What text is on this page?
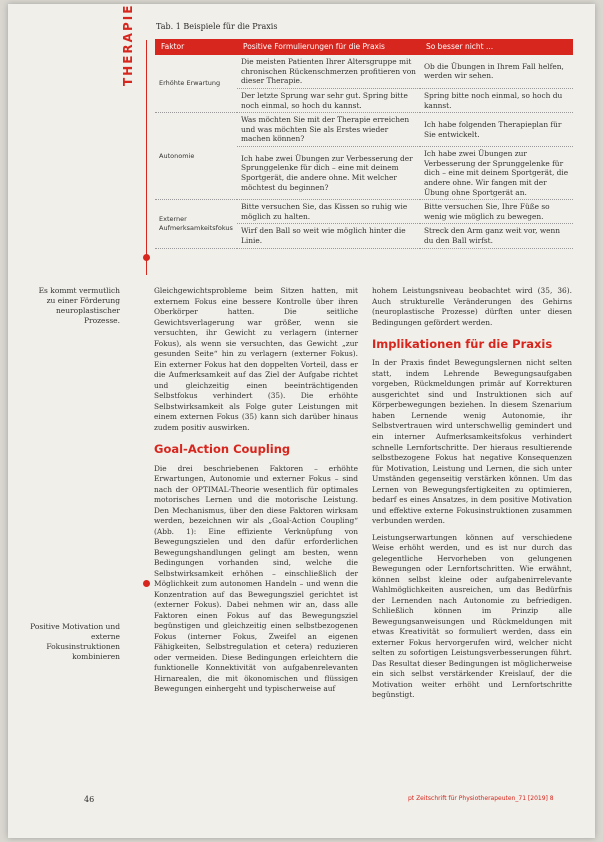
THERAPIE	Tab. 1 Beispiele für die Praxis
Faktor	Positive Formulierungen für die Praxis	So besser nicht ...
Erhöhte Erwartung	Die meisten Patienten Ihrer Altersgruppe mit chronischen Rückenschmerzen profitieren von dieser Therapie.	Ob die Übungen in Ihrem Fall helfen, werden wir sehen.
	Der letzte Sprung war sehr gut. Spring bitte noch einmal, so hoch du kannst.	Spring bitte noch einmal, so hoch du kannst.
Autonomie	Was möchten Sie mit der Therapie erreichen und was möchten Sie als Erstes wieder machen können?	Ich habe folgenden Therapieplan für Sie entwickelt.
	Ich habe zwei Übungen zur Verbesserung der Sprunggelenke für dich – eine mit deinem Sportgerät, die andere ohne. Mit welcher möchtest du beginnen?	Ich habe zwei Übungen zur Verbesserung der Sprunggelenke für dich – eine mit deinem Sportgerät, die andere ohne. Wir fangen mit der Übung ohne Sportgerät an.
Externer Aufmerksamkeitsfokus	Bitte versuchen Sie, das Kissen so ruhig wie möglich zu halten.	Bitte versuchen Sie, Ihre Füße so wenig wie möglich zu bewegen.
	Wirf den Ball so weit wie möglich hinter die Linie.	Streck den Arm ganz weit vor, wenn du den Ball wirfst.
Es kommt vermutlich zu einer Förderung neuroplastischer Prozesse.
Positive Motivation und externe Fokusinstruktionen kombinieren

Gleichgewichtsprobleme beim Sitzen hatten, mit externem Fokus eine bessere Kontrolle über ihren Oberkörper hatten. Die seitliche Gewichtsverlagerung war größer, wenn sie versuchten, ihr Gewicht zu verlagern (interner Fokus), als wenn sie versuchten, das Gewicht „zur gesunden Seite“ hin zu verlagern (externer Fokus). Ein externer Fokus hat den doppelten Vorteil, dass er die Aufmerksamkeit auf das Ziel der Aufgabe richtet und gleichzeitig einen beeinträchtigenden Selbstfokus verhindert (35). Die erhöhte Selbstwirksamkeit als Folge guter Leistungen mit einem externen Fokus (35) kann sich darüber hinaus zudem positiv auswirken.

Goal-Action Coupling

Die drei beschriebenen Faktoren – erhöhte Erwartungen, Autonomie und externer Fokus – sind nach der OPTIMAL-Theorie wesentlich für optimales motorisches Lernen und die motorische Leistung. Den Mechanismus, über den diese Faktoren wirksam werden, bezeichnen wir als „Goal-Action Coupling“ (Abb. 1): Eine effiziente Verknüpfung von Bewegungszielen und den dafür erforderlichen Bewegungshandlungen gelingt am besten, wenn Bedingungen vorhanden sind, welche die Selbstwirksamkeit erhöhen – einschließlich der Möglichkeit zum autonomen Handeln – und wenn die Konzentration auf das Bewegungsziel gerichtet ist (externer Fokus). Dabei nehmen wir an, dass alle Faktoren einen Fokus auf das Bewegungsziel begünstigen und gleichzeitig einen selbstbezogenen Fokus (interner Fokus, Zweifel an eigenen Fähigkeiten, Selbstregulation et cetera) reduzieren oder vermeiden. Diese Bedingungen erleichtern die funktionelle Konnektivität von aufgabenrelevanten Hirnarealen, die mit ökonomischen und flüssigen Bewegungen einhergeht und typischerweise auf

hohem Leistungsniveau beobachtet wird (35, 36). Auch strukturelle Veränderungen des Gehirns (neuroplastische Prozesse) dürften unter diesen Bedingungen gefördert werden.

Implikationen für die Praxis

In der Praxis findet Bewegungslernen nicht selten statt, indem Lehrende Bewegungsaufgaben vorgeben, Rückmeldungen primär auf Korrekturen ausgerichtet sind und Instruktionen sich auf Körperbewegungen beziehen. In diesem Szenarium haben Lernende wenig Autonomie, ihr Selbstvertrauen wird unterschwellig gemindert und ein interner Aufmerksamkeitsfokus verhindert schnelle Lernfortschritte. Der hieraus resultierende selbstbezogene Fokus hat negative Konsequenzen für Motivation, Leistung und Lernen, die sich unter Umständen gegenseitig verstärken können. Um das Lernen von Bewegungsfertigkeiten zu optimieren, bedarf es eines Ansatzes, in dem positive Motivation und effektive externe Fokusinstruktionen zusammen verbunden werden.

Leistungserwartungen können auf verschiedene Weise erhöht werden, und es ist nur durch das gelegentliche Hervorheben von gelungenen Bewegungen oder Lernfortschritten. Wie erwähnt, können selbst kleine oder aufgabenirrelevante Wahlmöglichkeiten ausreichen, um das Bedürfnis der Lernenden nach Autonomie zu befriedigen. Schließlich können im Prinzip alle Bewegungsanweisungen und Rückmeldungen mit etwas Kreativität so formuliert werden, dass ein externer Fokus hervorgerufen wird, welcher nicht selten zu sofortigen Leistungsverbesserungen führt. Das Resultat dieser Bedingungen ist möglicherweise ein sich selbst verstärkender Kreislauf, der die Motivation weiter erhöht und Lernfortschritte begünstigt.

46	pt Zeitschrift für Physiotherapeuten_71 [2019] 8
